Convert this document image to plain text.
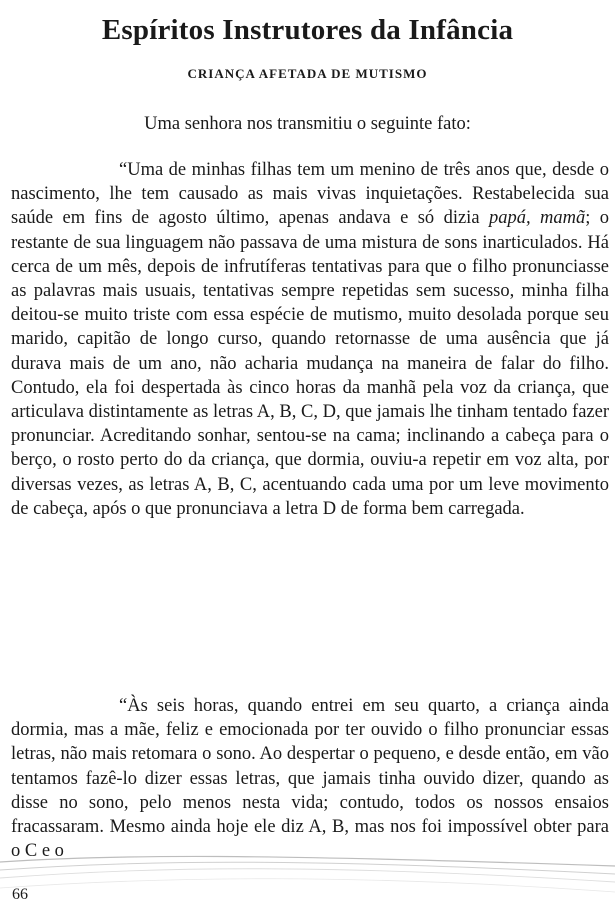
Espíritos Instrutores da Infância
CRIANÇA AFETADA DE MUTISMO

Uma senhora nos transmitiu o seguinte fato:

“Uma de minhas filhas tem um menino de três anos que, desde o nascimento, lhe tem causado as mais vivas inquietações. Restabelecida sua saúde em fins de agosto último, apenas andava e só dizia papá, mamã; o restante de sua linguagem não passava de uma mistura de sons inarticulados. Há cerca de um mês, depois de infrutíferas tentativas para que o filho pronunciasse as palavras mais usuais, tentativas sempre repetidas sem sucesso, minha filha deitou-se muito triste com essa espécie de mutismo, muito desolada porque seu marido, capitão de longo curso, quando retornasse de uma ausência que já durava mais de um ano, não acharia mudança na maneira de falar do filho. Contudo, ela foi despertada às cinco horas da manhã pela voz da criança, que articulava distintamente as letras A, B, C, D, que jamais lhe tinham tentado fazer pronunciar. Acreditando sonhar, sentou-se na cama; inclinando a cabeça para o berço, o rosto perto do da criança, que dormia, ouviu-a repetir em voz alta, por diversas vezes, as letras A, B, C, acentuando cada uma por um leve movimento de cabeça, após o que pronunciava a letra D de forma bem carregada.

“Às seis horas, quando entrei em seu quarto, a criança ainda dormia, mas a mãe, feliz e emocionada por ter ouvido o filho pronunciar essas letras, não mais retomara o sono. Ao despertar o pequeno, e desde então, em vão tentamos fazê-lo dizer essas letras, que jamais tinha ouvido dizer, quando as disse no sono, pelo menos nesta vida; contudo, todos os nossos ensaios fracassaram. Mesmo ainda hoje ele diz A, B, mas nos foi impossível obter para o C e o

66
